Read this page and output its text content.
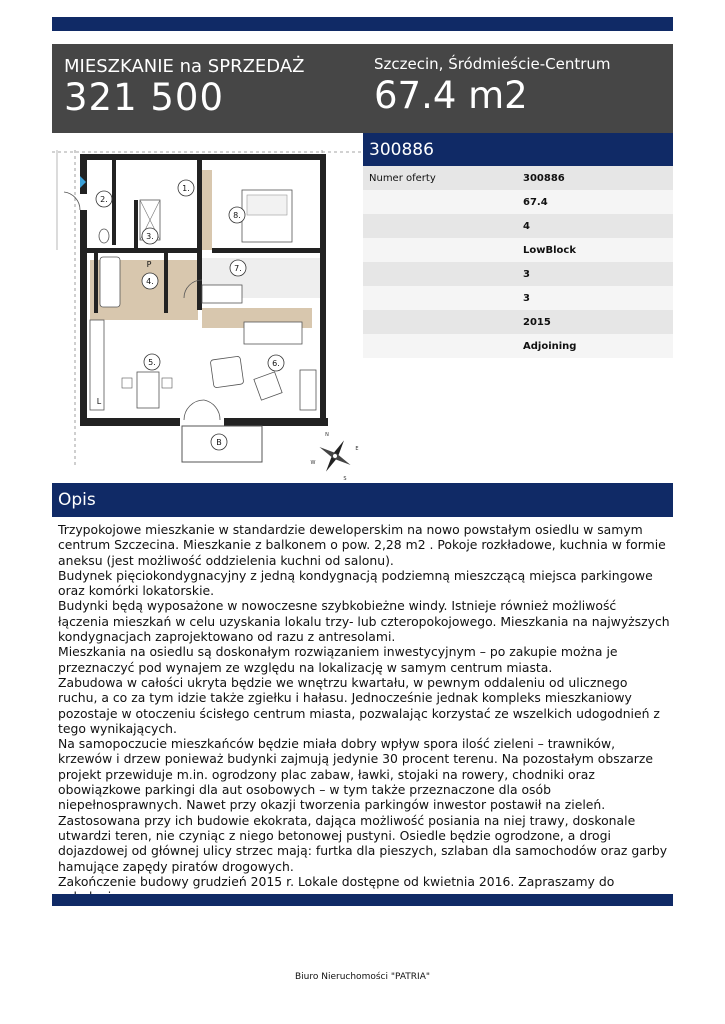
MIESZKANIE na SPRZEDAŻ
321 500
Szczecin, Śródmieście-Centrum
67.4 m2
1.
2.
3.
4.
5.	6.
7.
8.
B
P
L
N
S
E
W
300886
Numer oferty	300886
67.4
4
LowBlock
3
3
2015
Adjoining
Opis

Trzypokojowe mieszkanie w standardzie deweloperskim na nowo powstałym osiedlu w samym centrum Szczecina. Mieszkanie z balkonem o pow. 2,28 m2 . Pokoje rozkładowe, kuchnia w formie aneksu (jest możliwość oddzielenia kuchni od salonu).

Budynek pięciokondygnacyjny z jedną kondygnacją podziemną mieszczącą miejsca parkingowe oraz komórki lokatorskie.

Budynki będą wyposażone w nowoczesne szybkobieżne windy. Istnieje również możliwość łączenia mieszkań w celu uzyskania lokalu trzy- lub czteropokojowego. Mieszkania na najwyższych kondygnacjach zaprojektowano od razu z antresolami.

Mieszkania na osiedlu są doskonałym rozwiązaniem inwestycyjnym – po zakupie można je przeznaczyć pod wynajem ze względu na lokalizację w samym centrum miasta.

Zabudowa w całości ukryta będzie we wnętrzu kwartału, w pewnym oddaleniu od ulicznego ruchu, a co za tym idzie także zgiełku i hałasu. Jednocześnie jednak kompleks mieszkaniowy pozostaje w otoczeniu ścisłego centrum miasta, pozwalając korzystać ze wszelkich udogodnień z tego wynikających.

Na samopoczucie mieszkańców będzie miała dobry wpływ spora ilość zieleni – trawników, krzewów i drzew ponieważ budynki zajmują jedynie 30 procent terenu. Na pozostałym obszarze projekt przewiduje m.in. ogrodzony plac zabaw, ławki, stojaki na rowery, chodniki oraz obowiązkowe parkingi dla aut osobowych – w tym także przeznaczone dla osób niepełnosprawnych. Nawet przy okazji tworzenia parkingów inwestor postawił na zieleń. Zastosowana przy ich budowie ekokrata, dająca możliwość posiania na niej trawy, doskonale utwardzi teren, nie czyniąc z niego betonowej pustyni. Osiedle będzie ogrodzone, a drogi dojazdowej od głównej ulicy strzec mają: furtka dla pieszych, szlaban dla samochodów oraz garby hamujące zapędy piratów drogowych.

Zakończenie budowy grudzień 2015 r. Lokale dostępne od kwietnia 2016. Zapraszamy do

Biuro Nieruchomości "PATRIA"
